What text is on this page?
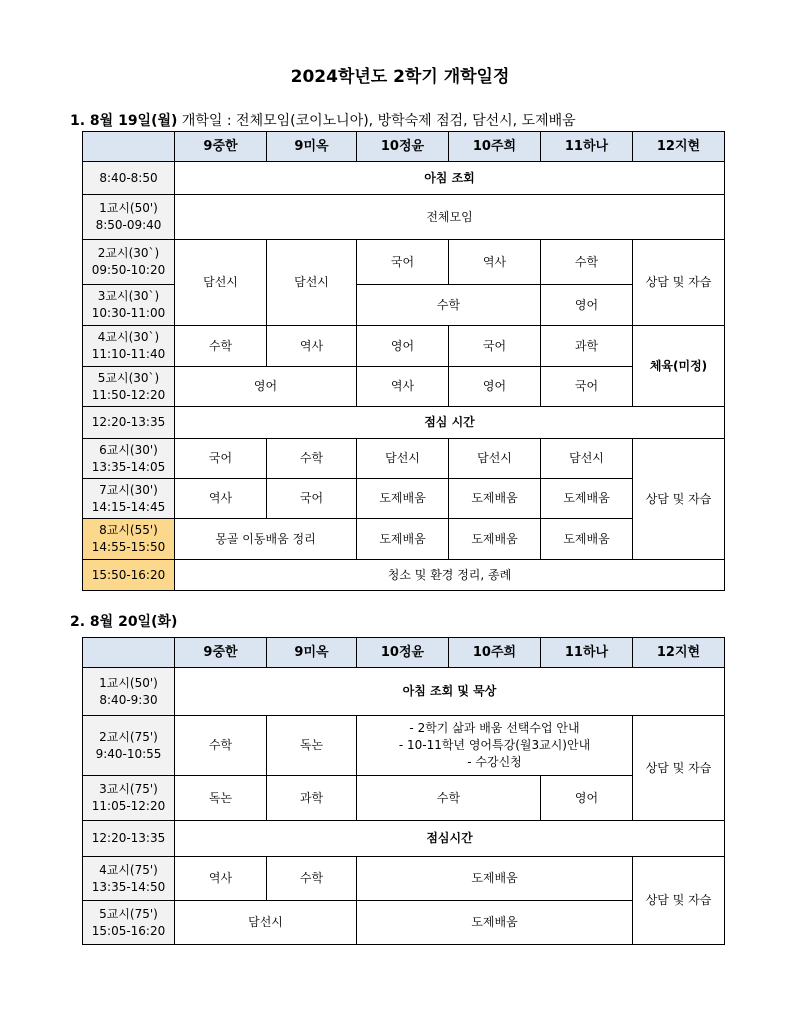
2024학년도 2학기 개학일정
1. 8월 19일(월) 개학일 : 전체모임(코이노니아), 방학숙제 점검, 담선시, 도제배움
	9중한	9미옥	10정윤	10주희	11하나	12지현
8:40-8:50	아침 조회					

1교시(50')
8:50-09:40	전체모임					

2교시(30`)
09:50-10:20	담선시	담선시	국어	역사	수학	상담 및 자습

3교시(30`)
10:30-11:00			수학		영어	

4교시(30`)
11:10-11:40	수학	역사	영어	국어	과학	체육(미정)

5교시(30`)
11:50-12:20	영어		역사	영어	국어	
12:20-13:35	점심 시간					

6교시(30')
13:35-14:05	국어	수학	담선시	담선시	담선시	상담 및 자습

7교시(30')
14:15-14:45	역사	국어	도제배움	도제배움	도제배움	

8교시(55')
14:55-15:50	몽골 이동배움 정리		도제배움	도제배움	도제배움	
15:50-16:20	청소 및 환경 정리, 종례					
2. 8월 20일(화)
	9중한	9미옥	10정윤	10주희	11하나	12지현

1교시(50')
8:40-9:30	아침 조회 및 묵상					

2교시(75')
9:40-10:55	수학	독논	- 2학기 삶과 배움 선택수업 안내
- 10-11학년 영어특강(월3교시)안내
- 수강신청			상담 및 자습

3교시(75')
11:05-12:20	독논	과학	수학		영어	
12:20-13:35	점심시간					

4교시(75')
13:35-14:50	역사	수학	도제배움			상담 및 자습

5교시(75')
15:05-16:20	담선시		도제배움			
